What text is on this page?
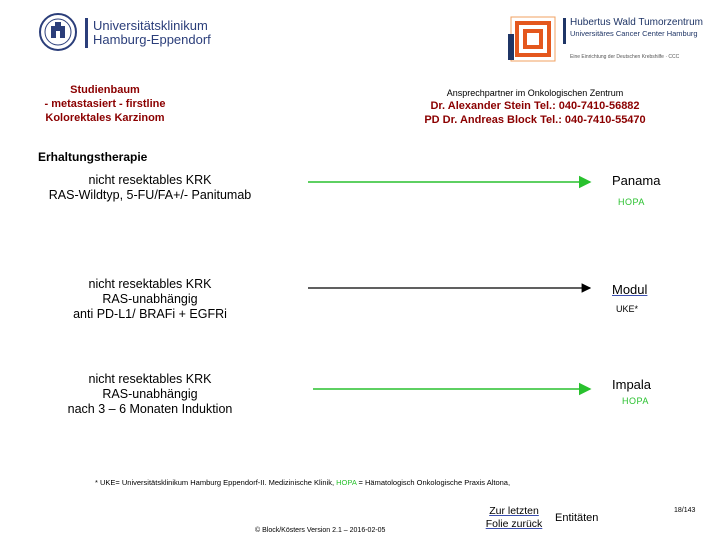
Universitätsklinikum
Hamburg-Eppendorf
Hubertus Wald Tumorzentrum
Universitäres Cancer Center Hamburg
Eine Einrichtung der Deutschen Krebshilfe · CCC
Studienbaum
- metastasiert - firstline
Kolorektales Karzinom
Ansprechpartner im Onkologischen Zentrum
Dr. Alexander Stein Tel.: 040-7410-56882
PD Dr. Andreas Block Tel.: 040-7410-55470
Erhaltungstherapie
nicht resektables KRK
RAS-Wildtyp, 5-FU/FA+/- Panitumab
Panama
HOPA
nicht resektables KRK
RAS-unabhängig
anti PD-L1/ BRAFi + EGFRi
Modul
UKE*
nicht resektables KRK
RAS-unabhängig
nach 3 – 6 Monaten Induktion
Impala
HOPA
* UKE= Universitätsklinikum Hamburg Eppendorf-II. Medizinische Klinik, HOPA = Hämatologisch Onkologische Praxis Altona,
Zur letzten
Folie zurück	Entitäten
© Block/Kösters Version 2.1 – 2016-02-05
18/143
